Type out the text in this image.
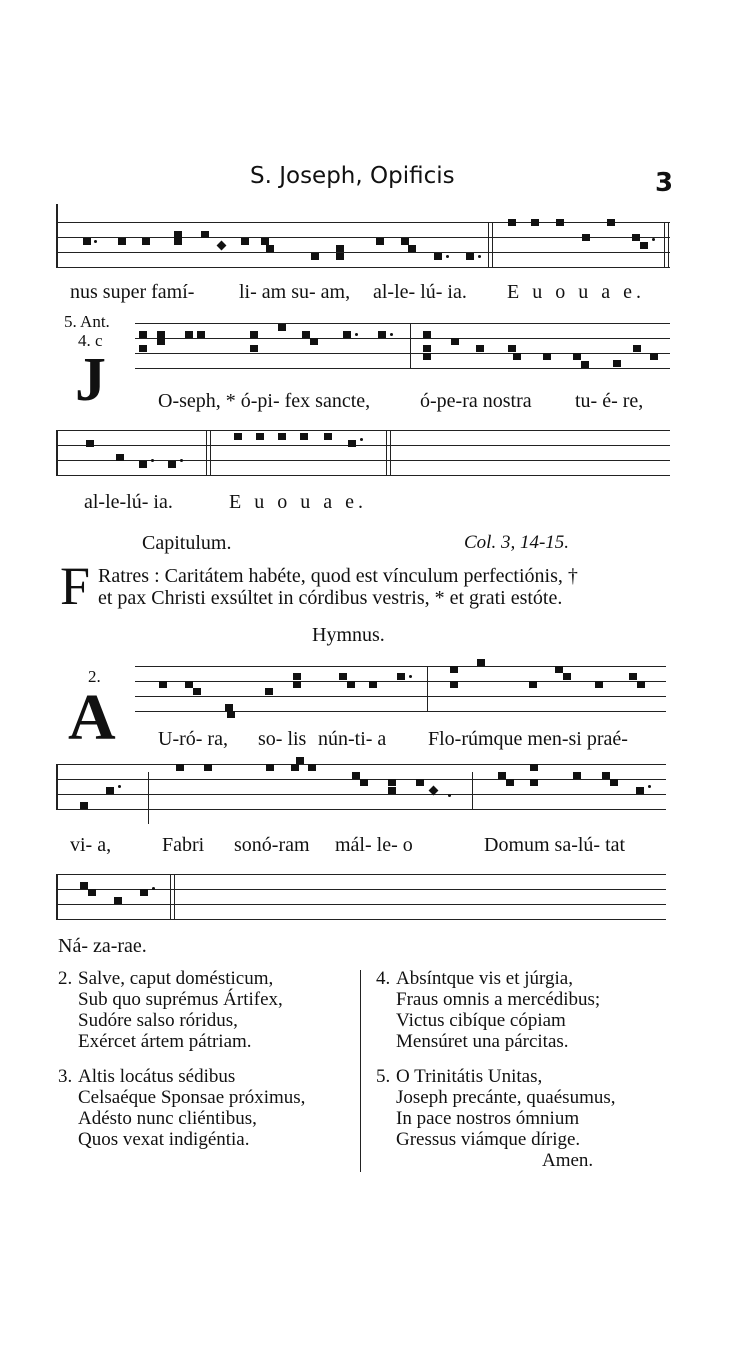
S. Joseph, Opificis	3
nus super famí- li- am su- am, al-le- lú- ia. E u o u a e.
5. Ant.
4. c
J	O-seph, * ó-pi- fex sancte, ó-pe-ra nostra tu- é- re,
al-le-lú- ia.	E u o u a e.
Capitulum.	Col. 3, 14-15.
F Ratres : Caritátem habéte, quod est vínculum perfectiónis, †
et pax Christi exsúltet in córdibus vestris, * et grati estóte.
Hymnus.
2.
A U-ró- ra, so- lis nún-ti- a Flo-rúmque men-si praé-
vi- a,	Fabri sonó-ram mál- le- o	Domum sa-lú- tat
Ná- za-rae.
2. Salve, caput domésticum,
Sub quo suprémus Ártifex,
Sudóre salso róridus,
Exércet ártem pátriam.
3. Altis locátus sédibus
Celsaéque Sponsae próximus,
Adésto nunc cliéntibus,
Quos vexat indigéntia.
4. Absíntque vis et júrgia,
Fraus omnis a mercédibus;
Victus cibíque cópiam
Mensúret una párcitas.
5. O Trinitátis Unitas,
Joseph precánte, quaésumus,
In pace nostros ómnium
Gressus viámque dírige.
Amen.
